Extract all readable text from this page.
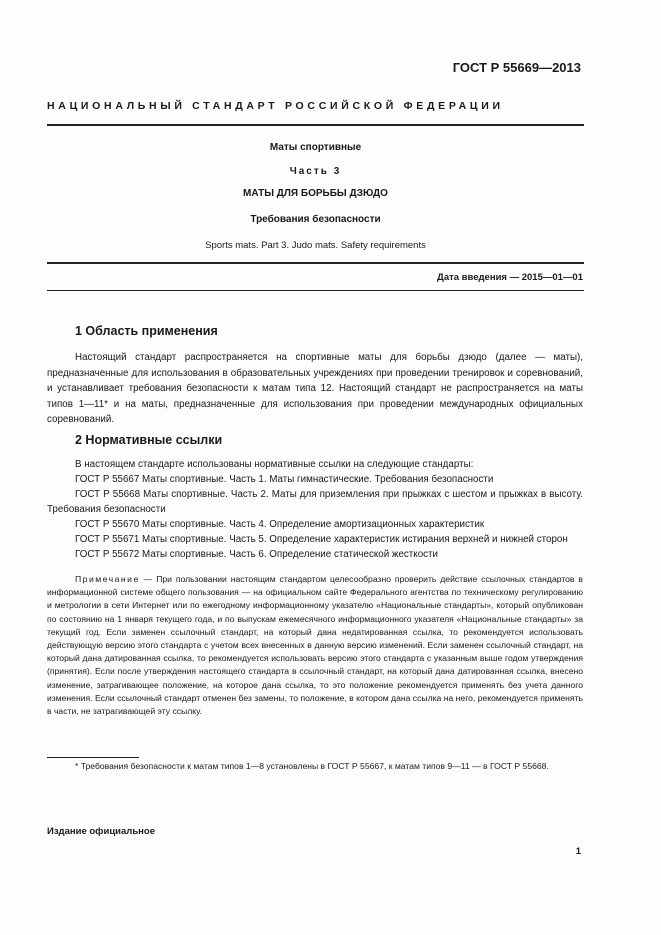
ГОСТ Р 55669—2013
НАЦИОНАЛЬНЫЙ СТАНДАРТ РОССИЙСКОЙ ФЕДЕРАЦИИ
Маты спортивные
Часть 3
МАТЫ ДЛЯ БОРЬБЫ ДЗЮДО
Требования безопасности
Sports mats. Part 3. Judo mats. Safety requirements
Дата введения — 2015—01—01
1 Область применения

Настоящий стандарт распространяется на спортивные маты для борьбы дзюдо (далее — маты), предназначенные для использования в образовательных учреждениях при проведении тренировок и соревнований, и устанавливает требования безопасности к матам типа 12. Настоящий стандарт не распространяется на маты типов 1—11* и на маты, предназначенные для использования при проведении международных официальных соревнований.

2 Нормативные ссылки

В настоящем стандарте использованы нормативные ссылки на следующие стандарты:

ГОСТ Р 55667 Маты спортивные. Часть 1. Маты гимнастические. Требования безопасности

ГОСТ Р 55668 Маты спортивные. Часть 2. Маты для приземления при прыжках с шестом и прыжках в высоту. Требования безопасности

ГОСТ Р 55670 Маты спортивные. Часть 4. Определение амортизационных характеристик

ГОСТ Р 55671 Маты спортивные. Часть 5. Определение характеристик истирания верхней и нижней сторон

ГОСТ Р 55672 Маты спортивные. Часть 6. Определение статической жесткости

Примечание — При пользовании настоящим стандартом целесообразно проверить действие ссылочных стандартов в информационной системе общего пользования — на официальном сайте Федерального агентства по техническому регулированию и метрологии в сети Интернет или по ежегодному информационному указателю «Национальные стандарты», который опубликован по состоянию на 1 января текущего года, и по выпускам ежемесячного информационного указателя «Национальные стандарты» за текущий год. Если заменен ссылочный стандарт, на который дана недатированная ссылка, то рекомендуется использовать действующую версию этого стандарта с учетом всех внесенных в данную версию изменений. Если заменен ссылочный стандарт, на который дана датированная ссылка, то рекомендуется использовать версию этого стандарта с указанным выше годом утверждения (принятия). Если после утверждения настоящего стандарта в ссылочный стандарт, на который дана датированная ссылка, внесено изменение, затрагивающее положение, на которое дана ссылка, то это положение рекомендуется применять без учета данного изменения. Если ссылочный стандарт отменен без замены, то положение, в котором дана ссылка на него, рекомендуется применять в части, не затрагивающей эту ссылку.

* Требования безопасности к матам типов 1—8 установлены в ГОСТ Р 55667, к матам типов 9—11 — в ГОСТ Р 55668.

Издание официальное
1
